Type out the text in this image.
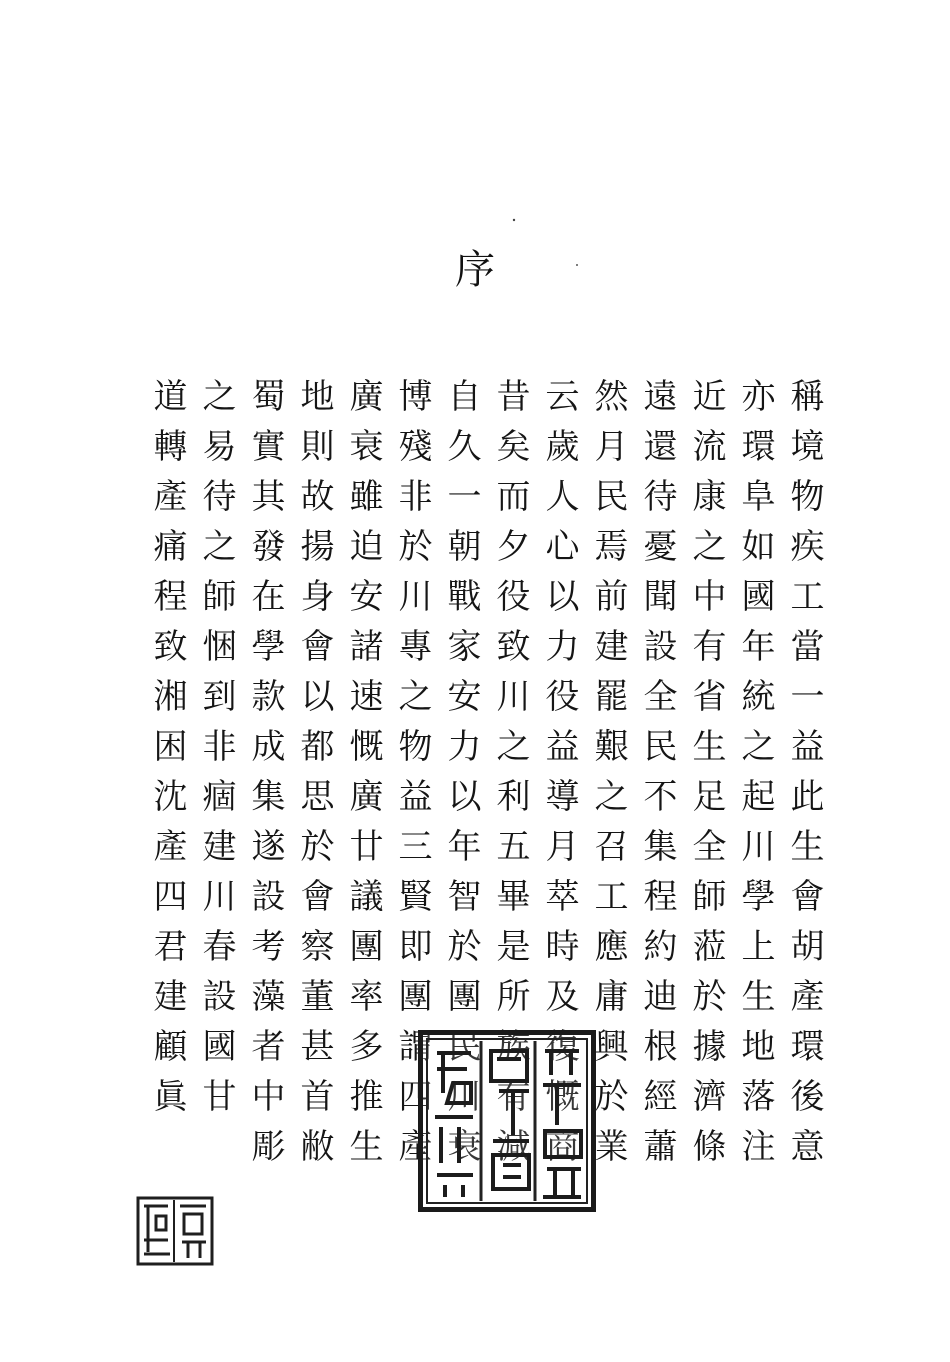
序
稱境物疾工當一益此生會胡產環後意
亦環阜如國年統之起川學上生地落注
近流康之中有省生足全師蒞於據濟條
遠還待憂聞設全民不集程約迪根經蕭
然月民焉前建罷艱之召工應庸興於業
云歲人心以力役益導月萃時及復慨商
昔矣而夕役致川之利五畢是所族有減
自久一朝戰家安力以年智於團民川衰
博殘非於川專之物益三賢即團謂四產
廣衰雖迫安諸速慨廣廿議團率多推生
地則故揚身會以都思於會察董甚首敝
蜀實其發在學款成集遂設考藻者中彫
之易待之師悃到非痼建川春設國甘
道轉產痛程致湘困沈產四君建顧眞
